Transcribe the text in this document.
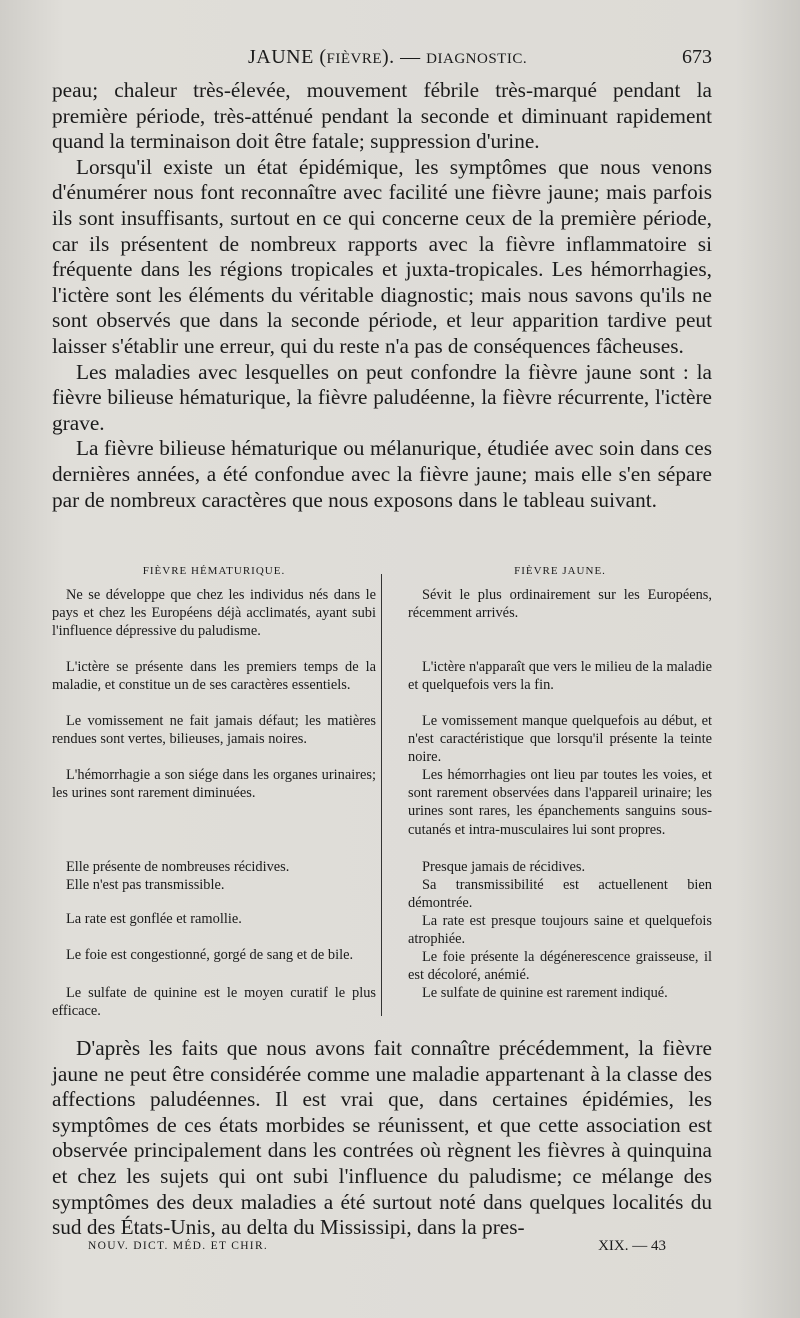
JAUNE (FIÈVRE). — DIAGNOSTIC.	673

peau; chaleur très-élevée, mouvement fébrile très-marqué pendant la première période, très-atténué pendant la seconde et diminuant rapidement quand la terminaison doit être fatale; suppression d'urine.

Lorsqu'il existe un état épidémique, les symptômes que nous venons d'énumérer nous font reconnaître avec facilité une fièvre jaune; mais parfois ils sont insuffisants, surtout en ce qui concerne ceux de la première période, car ils présentent de nombreux rapports avec la fièvre inflammatoire si fréquente dans les régions tropicales et juxta-tropicales. Les hémorrhagies, l'ictère sont les éléments du véritable diagnostic; mais nous savons qu'ils ne sont observés que dans la seconde période, et leur apparition tardive peut laisser s'établir une erreur, qui du reste n'a pas de conséquences fâcheuses.

Les maladies avec lesquelles on peut confondre la fièvre jaune sont : la fièvre bilieuse hématurique, la fièvre paludéenne, la fièvre récurrente, l'ictère grave.

La fièvre bilieuse hématurique ou mélanurique, étudiée avec soin dans ces dernières années, a été confondue avec la fièvre jaune; mais elle s'en sépare par de nombreux caractères que nous exposons dans le tableau suivant.

FIÈVRE HÉMATURIQUE.
Ne se développe que chez les individus nés dans le pays et chez les Européens déjà acclimatés, ayant subi l'influence dépressive du paludisme.
L'ictère se présente dans les premiers temps de la maladie, et constitue un de ses caractères essentiels.
Le vomissement ne fait jamais défaut; les matières rendues sont vertes, bilieuses, jamais noires.
L'hémorrhagie a son siége dans les organes urinaires; les urines sont rarement diminuées.
Elle présente de nombreuses récidives.
Elle n'est pas transmissible.
La rate est gonflée et ramollie.
Le foie est congestionné, gorgé de sang et de bile.
Le sulfate de quinine est le moyen curatif le plus efficace.
FIÈVRE JAUNE.
Sévit le plus ordinairement sur les Européens, récemment arrivés.
L'ictère n'apparaît que vers le milieu de la maladie et quelquefois vers la fin.
Le vomissement manque quelquefois au début, et n'est caractéristique que lorsqu'il présente la teinte noire.
Les hémorrhagies ont lieu par toutes les voies, et sont rarement observées dans l'appareil urinaire; les urines sont rares, les épanchements sanguins sous-cutanés et intra-musculaires lui sont propres.
Presque jamais de récidives.
Sa transmissibilité est actuellenent bien démontrée.
La rate est presque toujours saine et quelquefois atrophiée.
Le foie présente la dégénerescence graisseuse, il est décoloré, anémié.
Le sulfate de quinine est rarement indiqué.

D'après les faits que nous avons fait connaître précédemment, la fièvre jaune ne peut être considérée comme une maladie appartenant à la classe des affections paludéennes. Il est vrai que, dans certaines épidémies, les symptômes de ces états morbides se réunissent, et que cette association est observée principalement dans les contrées où règnent les fièvres à quinquina et chez les sujets qui ont subi l'influence du paludisme; ce mélange des symptômes des deux maladies a été surtout noté dans quelques localités du sud des États-Unis, au delta du Mississipi, dans la pres-

NOUV. DICT. MÉD. ET CHIR.	XIX. — 43
